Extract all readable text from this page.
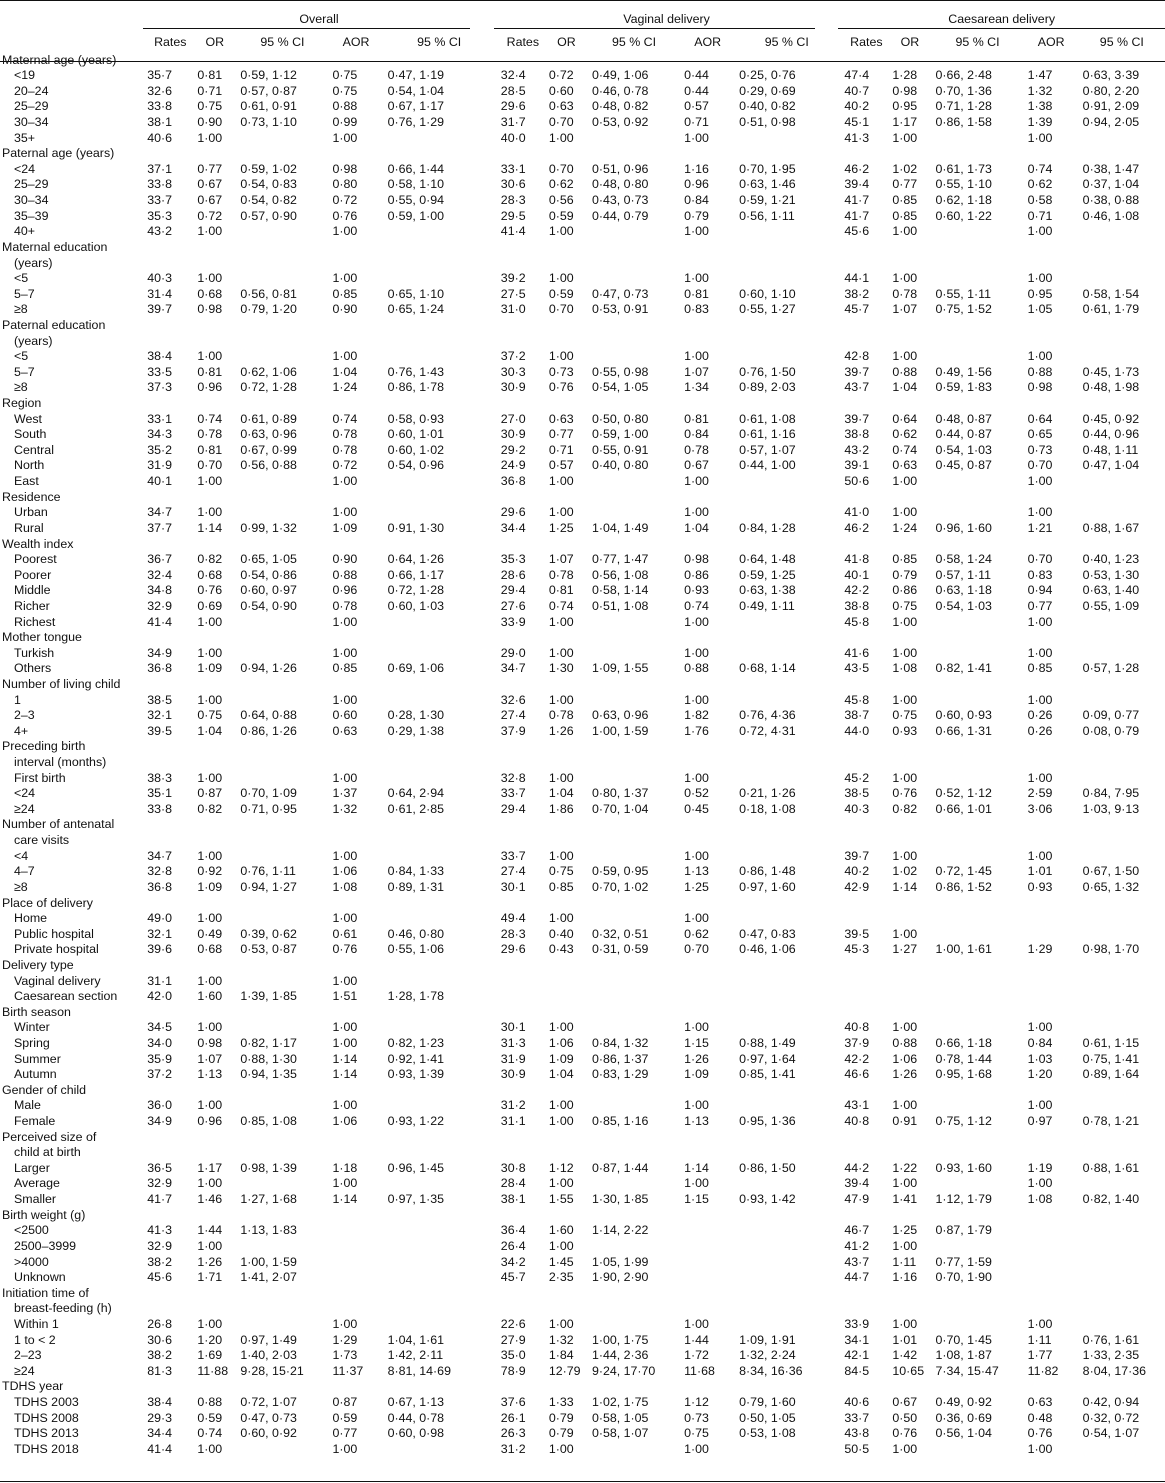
	Overall					Vaginal delivery					Caesarean delivery				
	Rates	OR	95 % CI	AOR	95 % CI	Rates	OR	95 % CI	AOR	95 % CI	Rates	OR	95 % CI	AOR	95 % CI
Maternal age (years)															
<19	35·7	0·81	0·59, 1·12	0·75	0·47, 1·19	32·4	0·72	0·49, 1·06	0·44	0·25, 0·76	47·4	1·28	0·66, 2·48	1·47	0·63, 3·39
20–24	32·6	0·71	0·57, 0·87	0·75	0·54, 1·04	28·5	0·60	0·46, 0·78	0·44	0·29, 0·69	40·7	0·98	0·70, 1·36	1·32	0·80, 2·20
25–29	33·8	0·75	0·61, 0·91	0·88	0·67, 1·17	29·6	0·63	0·48, 0·82	0·57	0·40, 0·82	40·2	0·95	0·71, 1·28	1·38	0·91, 2·09
30–34	38·1	0·90	0·73, 1·10	0·99	0·76, 1·29	31·7	0·70	0·53, 0·92	0·71	0·51, 0·98	45·1	1·17	0·86, 1·58	1·39	0·94, 2·05
35+	40·6	1·00		1·00		40·0	1·00		1·00		41·3	1·00		1·00	
Paternal age (years)															
<24	37·1	0·77	0·59, 1·02	0·98	0·66, 1·44	33·1	0·70	0·51, 0·96	1·16	0·70, 1·95	46·2	1·02	0·61, 1·73	0·74	0·38, 1·47
25–29	33·8	0·67	0·54, 0·83	0·80	0·58, 1·10	30·6	0·62	0·48, 0·80	0·96	0·63, 1·46	39·4	0·77	0·55, 1·10	0·62	0·37, 1·04
30–34	33·7	0·67	0·54, 0·82	0·72	0·55, 0·94	28·3	0·56	0·43, 0·73	0·84	0·59, 1·21	41·7	0·85	0·62, 1·18	0·58	0·38, 0·88
35–39	35·3	0·72	0·57, 0·90	0·76	0·59, 1·00	29·5	0·59	0·44, 0·79	0·79	0·56, 1·11	41·7	0·85	0·60, 1·22	0·71	0·46, 1·08
40+	43·2	1·00		1·00		41·4	1·00		1·00		45·6	1·00		1·00	
Maternal education															
(years)															
<5	40·3	1·00		1·00		39·2	1·00		1·00		44·1	1·00		1·00	
5–7	31·4	0·68	0·56, 0·81	0·85	0·65, 1·10	27·5	0·59	0·47, 0·73	0·81	0·60, 1·10	38·2	0·78	0·55, 1·11	0·95	0·58, 1·54
≥8	39·7	0·98	0·79, 1·20	0·90	0·65, 1·24	31·0	0·70	0·53, 0·91	0·83	0·55, 1·27	45·7	1·07	0·75, 1·52	1·05	0·61, 1·79
Paternal education															
(years)															
<5	38·4	1·00		1·00		37·2	1·00		1·00		42·8	1·00		1·00	
5–7	33·5	0·81	0·62, 1·06	1·04	0·76, 1·43	30·3	0·73	0·55, 0·98	1·07	0·76, 1·50	39·7	0·88	0·49, 1·56	0·88	0·45, 1·73
≥8	37·3	0·96	0·72, 1·28	1·24	0·86, 1·78	30·9	0·76	0·54, 1·05	1·34	0·89, 2·03	43·7	1·04	0·59, 1·83	0·98	0·48, 1·98
Region															
West	33·1	0·74	0·61, 0·89	0·74	0·58, 0·93	27·0	0·63	0·50, 0·80	0·81	0·61, 1·08	39·7	0·64	0·48, 0·87	0·64	0·45, 0·92
South	34·3	0·78	0·63, 0·96	0·78	0·60, 1·01	30·9	0·77	0·59, 1·00	0·84	0·61, 1·16	38·8	0·62	0·44, 0·87	0·65	0·44, 0·96
Central	35·2	0·81	0·67, 0·99	0·78	0·60, 1·02	29·2	0·71	0·55, 0·91	0·78	0·57, 1·07	43·2	0·74	0·54, 1·03	0·73	0·48, 1·11
North	31·9	0·70	0·56, 0·88	0·72	0·54, 0·96	24·9	0·57	0·40, 0·80	0·67	0·44, 1·00	39·1	0·63	0·45, 0·87	0·70	0·47, 1·04
East	40·1	1·00		1·00		36·8	1·00		1·00		50·6	1·00		1·00	
Residence															
Urban	34·7	1·00		1·00		29·6	1·00		1·00		41·0	1·00		1·00	
Rural	37·7	1·14	0·99, 1·32	1·09	0·91, 1·30	34·4	1·25	1·04, 1·49	1·04	0·84, 1·28	46·2	1·24	0·96, 1·60	1·21	0·88, 1·67
Wealth index															
Poorest	36·7	0·82	0·65, 1·05	0·90	0·64, 1·26	35·3	1·07	0·77, 1·47	0·98	0·64, 1·48	41·8	0·85	0·58, 1·24	0·70	0·40, 1·23
Poorer	32·4	0·68	0·54, 0·86	0·88	0·66, 1·17	28·6	0·78	0·56, 1·08	0·86	0·59, 1·25	40·1	0·79	0·57, 1·11	0·83	0·53, 1·30
Middle	34·8	0·76	0·60, 0·97	0·96	0·72, 1·28	29·4	0·81	0·58, 1·14	0·93	0·63, 1·38	42·2	0·86	0·63, 1·18	0·94	0·63, 1·40
Richer	32·9	0·69	0·54, 0·90	0·78	0·60, 1·03	27·6	0·74	0·51, 1·08	0·74	0·49, 1·11	38·8	0·75	0·54, 1·03	0·77	0·55, 1·09
Richest	41·4	1·00		1·00		33·9	1·00		1·00		45·8	1·00		1·00	
Mother tongue															
Turkish	34·9	1·00		1·00		29·0	1·00		1·00		41·6	1·00		1·00	
Others	36·8	1·09	0·94, 1·26	0·85	0·69, 1·06	34·7	1·30	1·09, 1·55	0·88	0·68, 1·14	43·5	1·08	0·82, 1·41	0·85	0·57, 1·28
Number of living child															
1	38·5	1·00		1·00		32·6	1·00		1·00		45·8	1·00		1·00	
2–3	32·1	0·75	0·64, 0·88	0·60	0·28, 1·30	27·4	0·78	0·63, 0·96	1·82	0·76, 4·36	38·7	0·75	0·60, 0·93	0·26	0·09, 0·77
4+	39·5	1·04	0·86, 1·26	0·63	0·29, 1·38	37·9	1·26	1·00, 1·59	1·76	0·72, 4·31	44·0	0·93	0·66, 1·31	0·26	0·08, 0·79
Preceding birth															
interval (months)															
First birth	38·3	1·00		1·00		32·8	1·00		1·00		45·2	1·00		1·00	
<24	35·1	0·87	0·70, 1·09	1·37	0·64, 2·94	33·7	1·04	0·80, 1·37	0·52	0·21, 1·26	38·5	0·76	0·52, 1·12	2·59	0·84, 7·95
≥24	33·8	0·82	0·71, 0·95	1·32	0·61, 2·85	29·4	1·86	0·70, 1·04	0·45	0·18, 1·08	40·3	0·82	0·66, 1·01	3·06	1·03, 9·13
Number of antenatal															
care visits															
<4	34·7	1·00		1·00		33·7	1·00		1·00		39·7	1·00		1·00	
4–7	32·8	0·92	0·76, 1·11	1·06	0·84, 1·33	27·4	0·75	0·59, 0·95	1·13	0·86, 1·48	40·2	1·02	0·72, 1·45	1·01	0·67, 1·50
≥8	36·8	1·09	0·94, 1·27	1·08	0·89, 1·31	30·1	0·85	0·70, 1·02	1·25	0·97, 1·60	42·9	1·14	0·86, 1·52	0·93	0·65, 1·32
Place of delivery															
Home	49·0	1·00		1·00		49·4	1·00		1·00						
Public hospital	32·1	0·49	0·39, 0·62	0·61	0·46, 0·80	28·3	0·40	0·32, 0·51	0·62	0·47, 0·83	39·5	1·00			
Private hospital	39·6	0·68	0·53, 0·87	0·76	0·55, 1·06	29·6	0·43	0·31, 0·59	0·70	0·46, 1·06	45·3	1·27	1·00, 1·61	1·29	0·98, 1·70
Delivery type															
Vaginal delivery	31·1	1·00		1·00											
Caesarean section	42·0	1·60	1·39, 1·85	1·51	1·28, 1·78										
Birth season															
Winter	34·5	1·00		1·00		30·1	1·00		1·00		40·8	1·00		1·00	
Spring	34·0	0·98	0·82, 1·17	1·00	0·82, 1·23	31·3	1·06	0·84, 1·32	1·15	0·88, 1·49	37·9	0·88	0·66, 1·18	0·84	0·61, 1·15
Summer	35·9	1·07	0·88, 1·30	1·14	0·92, 1·41	31·9	1·09	0·86, 1·37	1·26	0·97, 1·64	42·2	1·06	0·78, 1·44	1·03	0·75, 1·41
Autumn	37·2	1·13	0·94, 1·35	1·14	0·93, 1·39	30·9	1·04	0·83, 1·29	1·09	0·85, 1·41	46·6	1·26	0·95, 1·68	1·20	0·89, 1·64
Gender of child															
Male	36·0	1·00		1·00		31·2	1·00		1·00		43·1	1·00		1·00	
Female	34·9	0·96	0·85, 1·08	1·06	0·93, 1·22	31·1	1·00	0·85, 1·16	1·13	0·95, 1·36	40·8	0·91	0·75, 1·12	0·97	0·78, 1·21
Perceived size of															
child at birth															
Larger	36·5	1·17	0·98, 1·39	1·18	0·96, 1·45	30·8	1·12	0·87, 1·44	1·14	0·86, 1·50	44·2	1·22	0·93, 1·60	1·19	0·88, 1·61
Average	32·9	1·00		1·00		28·4	1·00		1·00		39·4	1·00		1·00	
Smaller	41·7	1·46	1·27, 1·68	1·14	0·97, 1·35	38·1	1·55	1·30, 1·85	1·15	0·93, 1·42	47·9	1·41	1·12, 1·79	1·08	0·82, 1·40
Birth weight (g)															
<2500	41·3	1·44	1·13, 1·83			36·4	1·60	1·14, 2·22			46·7	1·25	0·87, 1·79		
2500–3999	32·9	1·00				26·4	1·00				41·2	1·00			
>4000	38·2	1·26	1·00, 1·59			34·2	1·45	1·05, 1·99			43·7	1·11	0·77, 1·59		
Unknown	45·6	1·71	1·41, 2·07			45·7	2·35	1·90, 2·90			44·7	1·16	0·70, 1·90		
Initiation time of															
breast-feeding (h)															
Within 1	26·8	1·00		1·00		22·6	1·00		1·00		33·9	1·00		1·00	
1 to < 2	30·6	1·20	0·97, 1·49	1·29	1·04, 1·61	27·9	1·32	1·00, 1·75	1·44	1·09, 1·91	34·1	1·01	0·70, 1·45	1·11	0·76, 1·61
2–23	38·2	1·69	1·40, 2·03	1·73	1·42, 2·11	35·0	1·84	1·44, 2·36	1·72	1·32, 2·24	42·1	1·42	1·08, 1·87	1·77	1·33, 2·35
≥24	81·3	11·88	9·28, 15·21	11·37	8·81, 14·69	78·9	12·79	9·24, 17·70	11·68	8·34, 16·36	84·5	10·65	7·34, 15·47	11·82	8·04, 17·36
TDHS year															
TDHS 2003	38·4	0·88	0·72, 1·07	0·87	0·67, 1·13	37·6	1·33	1·02, 1·75	1·12	0·79, 1·60	40·6	0·67	0·49, 0·92	0·63	0·42, 0·94
TDHS 2008	29·3	0·59	0·47, 0·73	0·59	0·44, 0·78	26·1	0·79	0·58, 1·05	0·73	0·50, 1·05	33·7	0·50	0·36, 0·69	0·48	0·32, 0·72
TDHS 2013	34·4	0·74	0·60, 0·92	0·77	0·60, 0·98	26·3	0·79	0·58, 1·07	0·75	0·53, 1·08	43·8	0·76	0·56, 1·04	0·76	0·54, 1·07
TDHS 2018	41·4	1·00		1·00		31·2	1·00		1·00		50·5	1·00		1·00	
